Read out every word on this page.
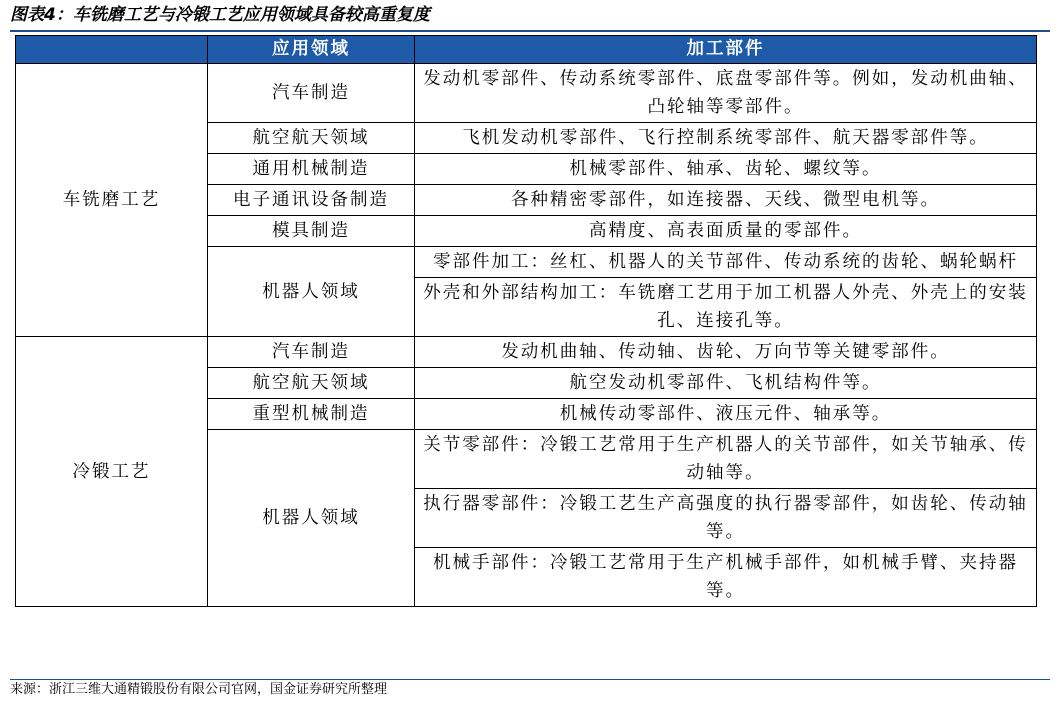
图表4：车铣磨工艺与冷锻工艺应用领域具备较高重复度
	应用领域	加工部件
车铣磨工艺	汽车制造	发动机零部件、传动系统零部件、底盘零部件等。例如，发动机曲轴、凸轮轴等零部件。
	航空航天领域	飞机发动机零部件、飞行控制系统零部件、航天器零部件等。
	通用机械制造	机械零部件、轴承、齿轮、螺纹等。
	电子通讯设备制造	各种精密零部件，如连接器、天线、微型电机等。
	模具制造	高精度、高表面质量的零部件。
	机器人领域	零部件加工：丝杠、机器人的关节部件、传动系统的齿轮、蜗轮蜗杆
		外壳和外部结构加工：车铣磨工艺用于加工机器人外壳、外壳上的安装孔、连接孔等。
冷锻工艺	汽车制造	发动机曲轴、传动轴、齿轮、万向节等关键零部件。
	航空航天领域	航空发动机零部件、飞机结构件等。
	重型机械制造	机械传动零部件、液压元件、轴承等。
	机器人领域	关节零部件：冷锻工艺常用于生产机器人的关节部件，如关节轴承、传动轴等。
		执行器零部件：冷锻工艺生产高强度的执行器零部件，如齿轮、传动轴等。
		机械手部件：冷锻工艺常用于生产机械手部件，如机械手臂、夹持器等。
来源：浙江三维大通精锻股份有限公司官网，国金证券研究所整理
